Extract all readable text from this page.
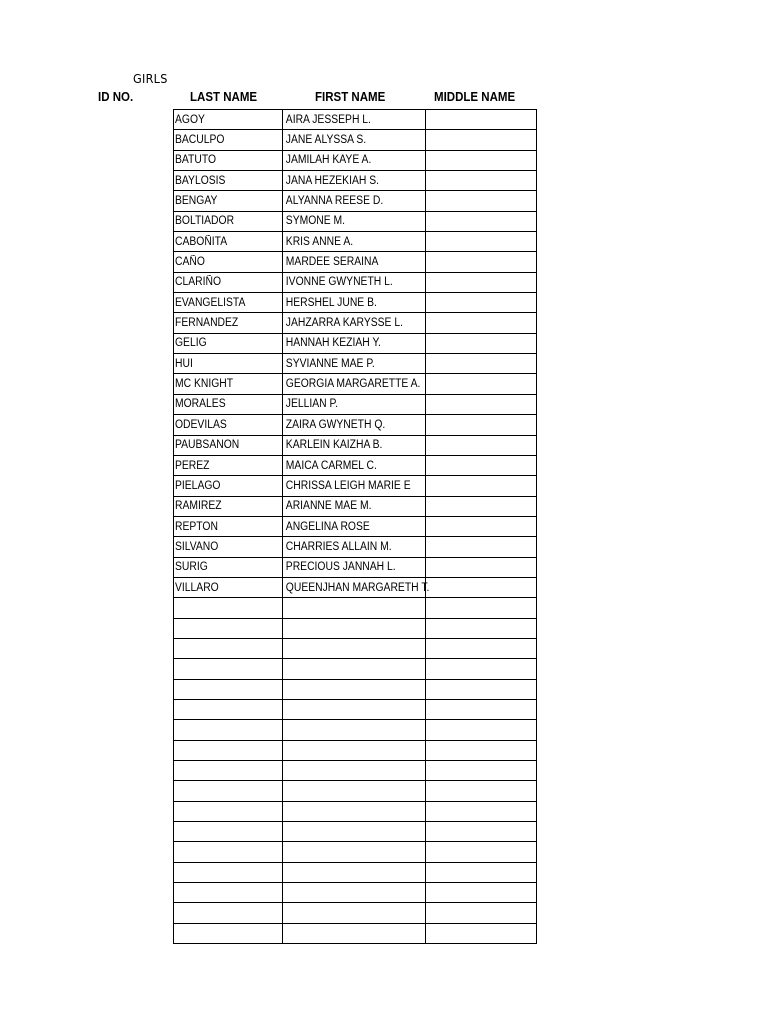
GIRLS
ID NO.	LAST NAME	FIRST NAME	MIDDLE NAME
AGOY	AIRA JESSEPH L.	
BACULPO	JANE ALYSSA S.	
BATUTO	JAMILAH KAYE A.	
BAYLOSIS	JANA HEZEKIAH S.	
BENGAY	ALYANNA REESE D.	
BOLTIADOR	SYMONE M.	
CABOÑITA	KRIS ANNE A.	
CAÑO	MARDEE SERAINA	
CLARIÑO	IVONNE GWYNETH L.	
EVANGELISTA	HERSHEL JUNE B.	
FERNANDEZ	JAHZARRA KARYSSE L.	
GELIG	HANNAH KEZIAH Y.	
HUI	SYVIANNE MAE P.	
MC KNIGHT	GEORGIA MARGARETTE A.	
MORALES	JELLIAN P.	
ODEVILAS	ZAIRA GWYNETH Q.	
PAUBSANON	KARLEIN KAIZHA B.	
PEREZ	MAICA CARMEL C.	
PIELAGO	CHRISSA LEIGH MARIE E	
RAMIREZ	ARIANNE MAE M.	
REPTON	ANGELINA ROSE	
SILVANO	CHARRIES ALLAIN M.	
SURIG	PRECIOUS JANNAH L.	
VILLARO	QUEENJHAN MARGARETH T.	
